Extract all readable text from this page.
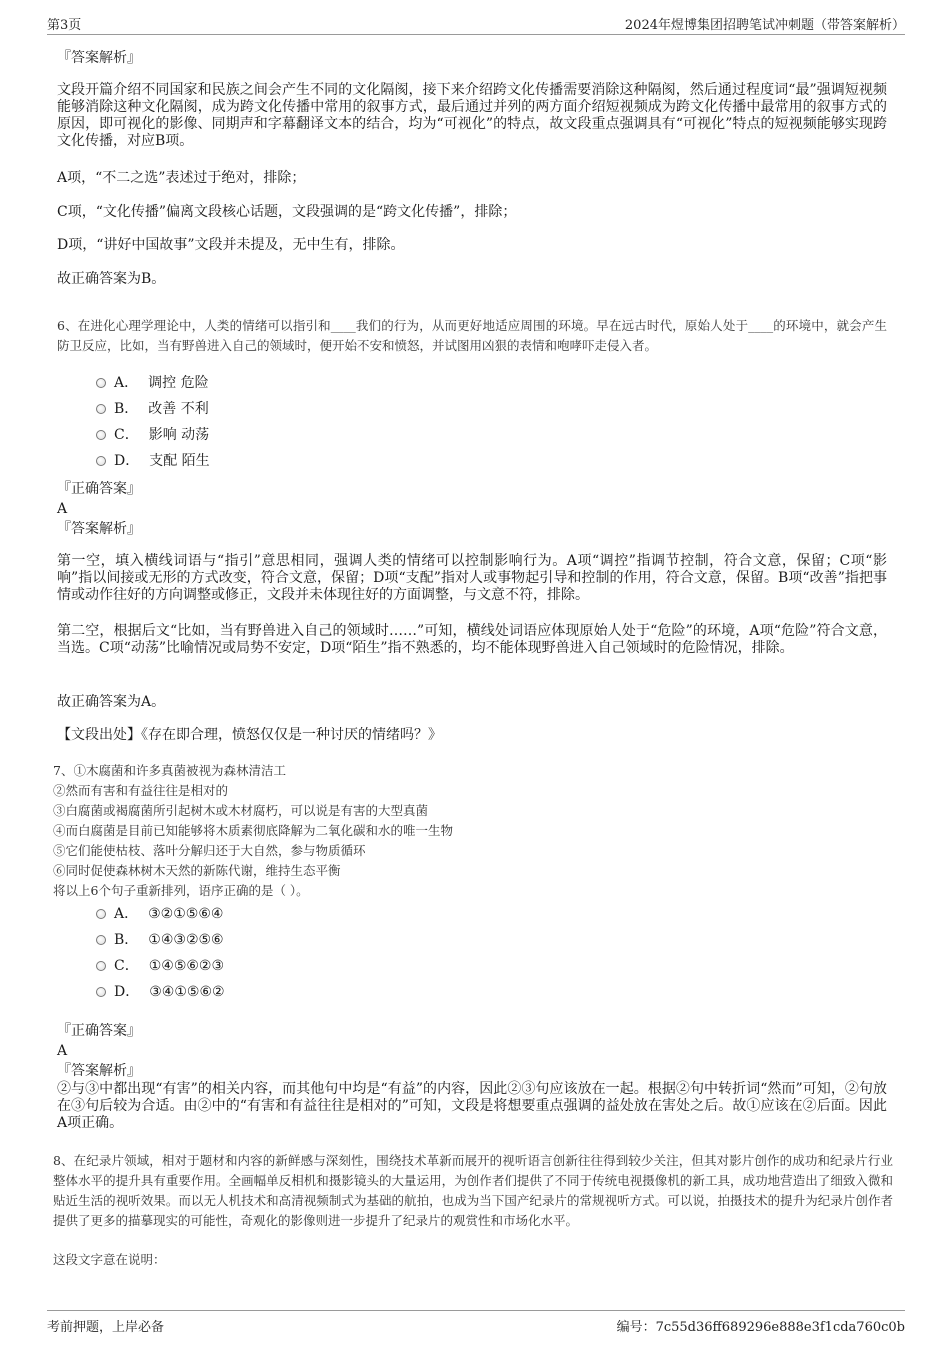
第3页	2024年煜博集团招聘笔试冲刺题（带答案解析）

『答案解析』

文段开篇介绍不同国家和民族之间会产生不同的文化隔阂，接下来介绍跨文化传播需要消除这种隔阂，然后通过程度词“最”强调短视频能够消除这种文化隔阂，成为跨文化传播中常用的叙事方式，最后通过并列的两方面介绍短视频成为跨文化传播中最常用的叙事方式的原因，即可视化的影像、同期声和字幕翻译文本的结合，均为“可视化”的特点，故文段重点强调具有“可视化”特点的短视频能够实现跨文化传播，对应B项。

A项，“不二之选”表述过于绝对，排除；

C项，“文化传播”偏离文段核心话题，文段强调的是“跨文化传播”，排除；

D项，“讲好中国故事”文段并未提及，无中生有，排除。

故正确答案为B。

6、在进化心理学理论中，人类的情绪可以指引和____我们的行为，从而更好地适应周围的环境。早在远古时代，原始人处于____的环境中，就会产生防卫反应，比如，当有野兽进入自己的领域时，便开始不安和愤怒，并试图用凶狠的表情和咆哮吓走侵入者。

A． 调控 危险
B． 改善 不利
C． 影响 动荡
D． 支配 陌生

『正确答案』

A

『答案解析』

第一空，填入横线词语与“指引”意思相同，强调人类的情绪可以控制影响行为。A项“调控”指调节控制，符合文意，保留；C项“影响”指以间接或无形的方式改变，符合文意，保留；D项“支配”指对人或事物起引导和控制的作用，符合文意，保留。B项“改善”指把事情或动作往好的方向调整或修正，文段并未体现往好的方面调整，与文意不符，排除。

第二空，根据后文“比如，当有野兽进入自己的领域时……”可知，横线处词语应体现原始人处于“危险”的环境，A项“危险”符合文意，当选。C项“动荡”比喻情况或局势不安定，D项“陌生”指不熟悉的，均不能体现野兽进入自己领域时的危险情况，排除。

故正确答案为A。

【文段出处】《存在即合理，愤怒仅仅是一种讨厌的情绪吗？》

7、①木腐菌和许多真菌被视为森林清洁工

②然而有害和有益往往是相对的

③白腐菌或褐腐菌所引起树木或木材腐朽，可以说是有害的大型真菌

④而白腐菌是目前已知能够将木质素彻底降解为二氧化碳和水的唯一生物

⑤它们能使枯枝、落叶分解归还于大自然，参与物质循环

⑥同时促使森林树木天然的新陈代谢，维持生态平衡

将以上6个句子重新排列，语序正确的是（ ）。

A． ③②①⑤⑥④
B． ①④③②⑤⑥
C． ①④⑤⑥②③
D． ③④①⑤⑥②

『正确答案』

A

『答案解析』

②与③中都出现“有害”的相关内容，而其他句中均是“有益”的内容，因此②③句应该放在一起。根据②句中转折词“然而”可知，②句放在③句后较为合适。由②中的“有害和有益往往是相对的”可知，文段是将想要重点强调的益处放在害处之后。故①应该在②后面。因此A项正确。

8、在纪录片领域，相对于题材和内容的新鲜感与深刻性，围绕技术革新而展开的视听语言创新往往得到较少关注，但其对影片创作的成功和纪录片行业整体水平的提升具有重要作用。全画幅单反相机和摄影镜头的大量运用，为创作者们提供了不同于传统电视摄像机的新工具，成功地营造出了细致入微和贴近生活的视听效果。而以无人机技术和高清视频制式为基础的航拍，也成为当下国产纪录片的常规视听方式。可以说，拍摄技术的提升为纪录片创作者提供了更多的描摹现实的可能性，奇观化的影像则进一步提升了纪录片的观赏性和市场化水平。

这段文字意在说明：

考前押题，上岸必备	编号：7c55d36ff689296e888e3f1cda760c0b
